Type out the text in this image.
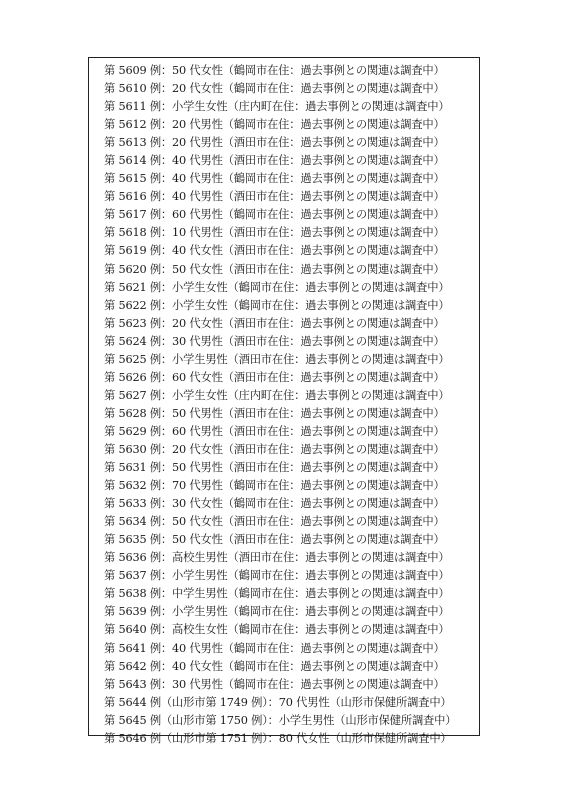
第 5609 例：50 代女性（鶴岡市在住：過去事例との関連は調査中）
第 5610 例：20 代女性（鶴岡市在住：過去事例との関連は調査中）
第 5611 例：小学生女性（庄内町在住：過去事例との関連は調査中）
第 5612 例：20 代男性（鶴岡市在住：過去事例との関連は調査中）
第 5613 例：20 代男性（酒田市在住：過去事例との関連は調査中）
第 5614 例：40 代男性（酒田市在住：過去事例との関連は調査中）
第 5615 例：40 代男性（鶴岡市在住：過去事例との関連は調査中）
第 5616 例：40 代男性（酒田市在住：過去事例との関連は調査中）
第 5617 例：60 代男性（鶴岡市在住：過去事例との関連は調査中）
第 5618 例：10 代男性（酒田市在住：過去事例との関連は調査中）
第 5619 例：40 代女性（酒田市在住：過去事例との関連は調査中）
第 5620 例：50 代女性（酒田市在住：過去事例との関連は調査中）
第 5621 例：小学生女性（鶴岡市在住：過去事例との関連は調査中）
第 5622 例：小学生女性（鶴岡市在住：過去事例との関連は調査中）
第 5623 例：20 代女性（酒田市在住：過去事例との関連は調査中）
第 5624 例：30 代男性（酒田市在住：過去事例との関連は調査中）
第 5625 例：小学生男性（酒田市在住：過去事例との関連は調査中）
第 5626 例：60 代女性（酒田市在住：過去事例との関連は調査中）
第 5627 例：小学生女性（庄内町在住：過去事例との関連は調査中）
第 5628 例：50 代男性（酒田市在住：過去事例との関連は調査中）
第 5629 例：60 代男性（酒田市在住：過去事例との関連は調査中）
第 5630 例：20 代女性（酒田市在住：過去事例との関連は調査中）
第 5631 例：50 代男性（酒田市在住：過去事例との関連は調査中）
第 5632 例：70 代男性（鶴岡市在住：過去事例との関連は調査中）
第 5633 例：30 代女性（鶴岡市在住：過去事例との関連は調査中）
第 5634 例：50 代女性（酒田市在住：過去事例との関連は調査中）
第 5635 例：50 代女性（酒田市在住：過去事例との関連は調査中）
第 5636 例：高校生男性（酒田市在住：過去事例との関連は調査中）
第 5637 例：小学生男性（鶴岡市在住：過去事例との関連は調査中）
第 5638 例：中学生男性（鶴岡市在住：過去事例との関連は調査中）
第 5639 例：小学生男性（鶴岡市在住：過去事例との関連は調査中）
第 5640 例：高校生女性（鶴岡市在住：過去事例との関連は調査中）
第 5641 例：40 代男性（鶴岡市在住：過去事例との関連は調査中）
第 5642 例：40 代女性（鶴岡市在住：過去事例との関連は調査中）
第 5643 例：30 代男性（鶴岡市在住：過去事例との関連は調査中）
第 5644 例（山形市第 1749 例）：70 代男性（山形市保健所調査中）
第 5645 例（山形市第 1750 例）：小学生男性（山形市保健所調査中）
第 5646 例（山形市第 1751 例）：80 代女性（山形市保健所調査中）
